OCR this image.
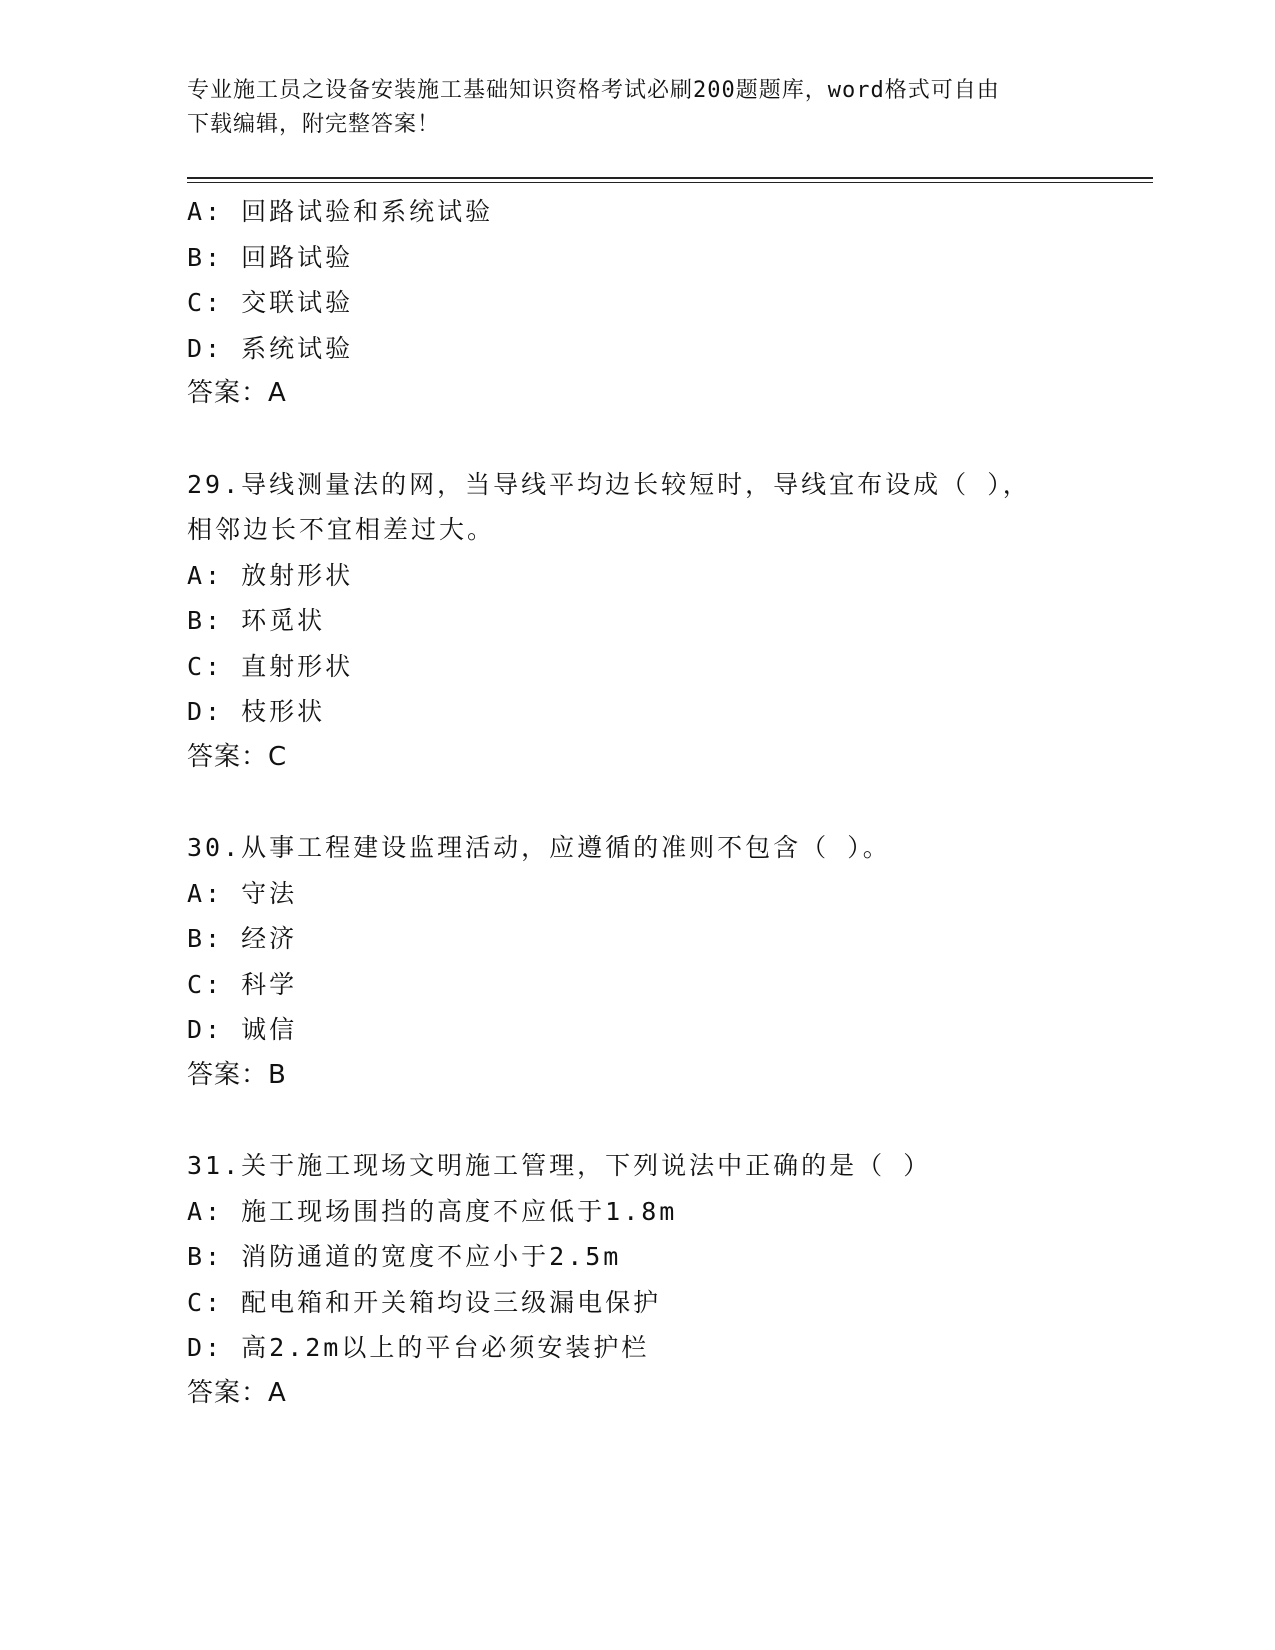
专业施工员之设备安装施工基础知识资格考试必刷200题题库，word格式可自由
下载编辑，附完整答案！
A: 回路试验和系统试验
B: 回路试验
C: 交联试验
D: 系统试验
答案：A
29.导线测量法的网，当导线平均边长较短时，导线宜布设成（ ），
相邻边长不宜相差过大。
A: 放射形状
B: 环觅状
C: 直射形状
D: 枝形状
答案：C
30.从事工程建设监理活动，应遵循的准则不包含（ ）。
A: 守法
B: 经济
C: 科学
D: 诚信
答案：B
31.关于施工现场文明施工管理，下列说法中正确的是（ ）
A: 施工现场围挡的高度不应低于1.8m
B: 消防通道的宽度不应小于2.5m
C: 配电箱和开关箱均设三级漏电保护
D: 高2.2m以上的平台必须安装护栏
答案：A
